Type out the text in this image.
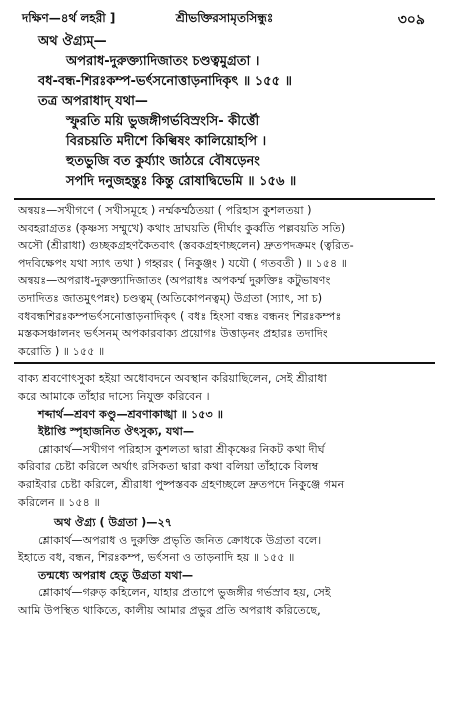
দক্ষিণ—৪র্থ লহরী ]	শ্রীভক্তিরসামৃতসিন্ধুঃ	৩০৯
অথ ঔগ্র্যম্—
অপরাধ-দুরুক্ত্যাদিজাতং চণ্ডত্বমুগ্রতা ।
বধ-বন্ধ-শিরঃকম্প-ভর্ৎসনোত্তাড়নাদিকৃৎ ॥ ১৫৫ ॥
তত্র অপরাধাদ্ যথা—
স্ফুরতি ময়ি ভুজঙ্গীগর্ভবিস্রংসি- কীর্ত্তৌ
বিরচয়তি মদীশে কিল্বিষং কালিয়োহপি ।
হুতভুজি বত কুর্য্যাং জাঠরে বৌষড়েনং
সপদি দনুজহন্তুঃ কিন্তু রোষাদ্বিভেমি ॥ ১৫৬ ॥
অন্বয়ঃ—সখীগণে ( সখীসমূহে ) নর্ম্মকর্ম্মঠতয়া ( পরিহাস কুশলতয়া )
অবহরাগ্রতঃ (কৃষ্ণস্য সম্মুখে) কথাং দ্রাঘয়তি (দীর্ঘাং কুর্ব্বতি পল্লবয়তি সতি)
অসৌ (শ্রীরাধা) গুচ্ছকগ্রহণকৈতবাৎ (স্তবকগ্রহণচ্ছলেন) দ্রুতপদক্রমং (ত্বরিত-
পদবিক্ষেপং যথা স্যাৎ তথা ) গহ্বরং ( নিকুঞ্জং ) যযৌ ( গতবতী ) ॥ ১৫৪ ॥
অন্বয়ঃ—অপরাধ-দুরুক্ত্যাদিজাতং (অপরাধঃ অপকর্ম্ম দুরুক্তিঃ কটুভাষণং
তদাদিতঃ জাতমুৎপন্নং) চণ্ডত্বম্ (অতিকোপনত্বম্) উগ্রতা (স্যাৎ, সা চ)
বধবন্ধশিরঃকম্পভর্ৎসনোত্তাড়নাদিকৃৎ ( বধঃ হিংসা বন্ধঃ বন্ধনং শিরঃকম্পঃ
মস্তকসঞ্চালনং ভর্ৎসনম্ অপকারবাক্য প্রয়োগঃ উত্তাড়নং প্রহারঃ তদাদিং
করোতি ) ॥ ১৫৫ ॥
বাক্য শ্রবণোৎসুকা হইয়া অধোবদনে অবস্থান করিয়াছিলেন, সেই শ্রীরাধা
করে আমাকে তাঁহার দাস্যে নিযুক্ত করিবেন ।
শব্দার্থ—শ্রবণ কণ্ডু—শ্রবণাকাঙ্খা ॥ ১৫৩ ॥
ইষ্টাপ্তি স্পৃহাজনিত ঔৎসুক্য, যথা—
শ্লোকার্থ—সখীগণ পরিহাস কুশলতা দ্বারা শ্রীকৃষ্ণের নিকট কথা দীর্ঘ
করিবার চেষ্টা করিলে অর্থাৎ রসিকতা দ্বারা কথা বলিয়া তাঁহাকে বিলম্ব
করাইবার চেষ্টা করিলে, শ্রীরাধা পুষ্পস্তবক গ্রহণচ্ছলে দ্রুতপদে নিকুঞ্জে গমন
করিলেন ॥ ১৫৪ ॥
অথ ঔগ্র্য ( উগ্রতা )—২৭
শ্লোকার্থ—অপরাধ ও দুরুক্তি প্রভৃতি জনিত ক্রোধকে উগ্রতা বলে।
ইহাতে বধ, বন্ধন, শিরঃকম্প, ভর্ৎসনা ও তাড়নাদি হয় ॥ ১৫৫ ॥
তন্মধ্যে অপরাধ হেতু উগ্রতা যথা—
শ্লোকার্থ—গরুড় কহিলেন, যাহার প্রতাপে ভুজঙ্গীর গর্ভস্রাব হয়, সেই
আমি উপস্থিত থাকিতে, কালীয় আমার প্রভুর প্রতি অপরাধ করিতেছে,
